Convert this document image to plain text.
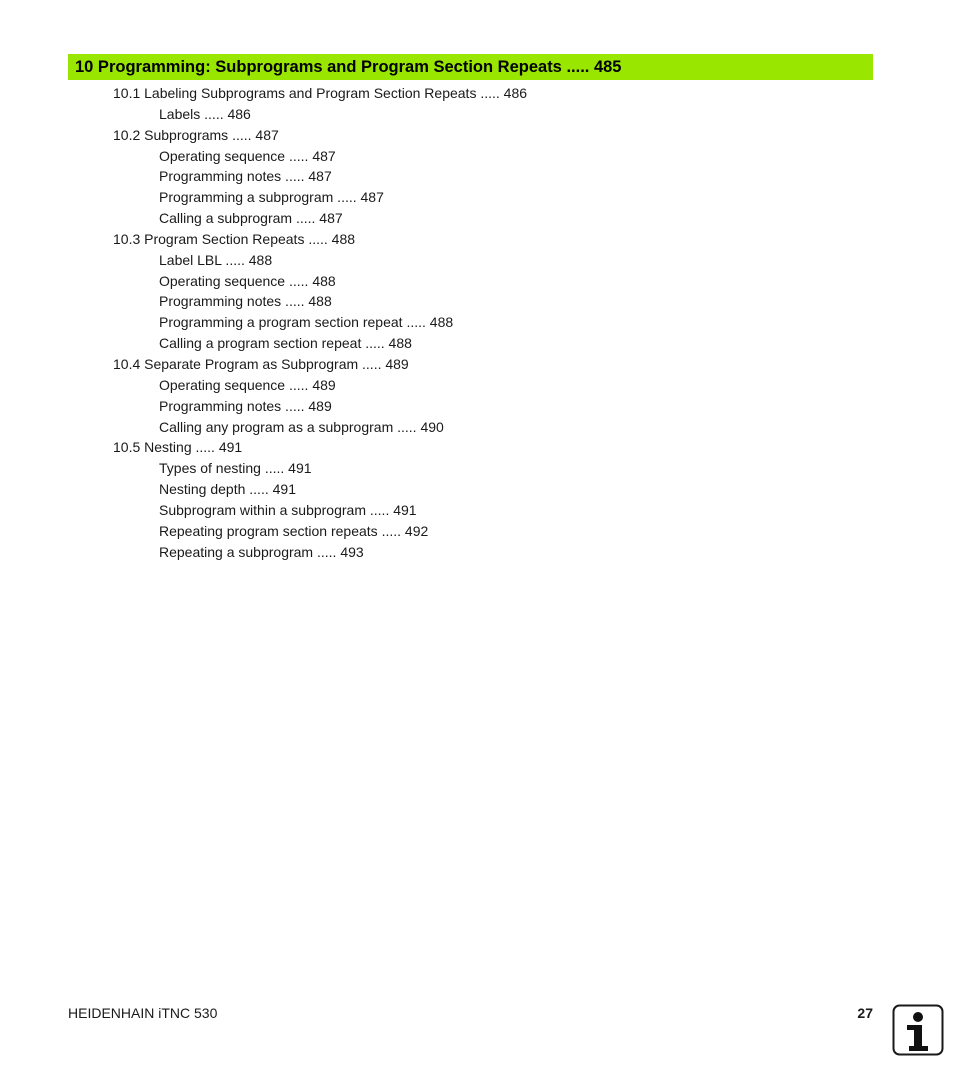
10 Programming: Subprograms and Program Section Repeats ..... 485
10.1 Labeling Subprograms and Program Section Repeats ..... 486
Labels ..... 486
10.2 Subprograms ..... 487
Operating sequence ..... 487
Programming notes ..... 487
Programming a subprogram ..... 487
Calling a subprogram ..... 487
10.3 Program Section Repeats ..... 488
Label LBL ..... 488
Operating sequence ..... 488
Programming notes ..... 488
Programming a program section repeat ..... 488
Calling a program section repeat ..... 488
10.4 Separate Program as Subprogram ..... 489
Operating sequence ..... 489
Programming notes ..... 489
Calling any program as a subprogram ..... 490
10.5 Nesting ..... 491
Types of nesting ..... 491
Nesting depth ..... 491
Subprogram within a subprogram ..... 491
Repeating program section repeats ..... 492
Repeating a subprogram ..... 493
HEIDENHAIN iTNC 530	27
